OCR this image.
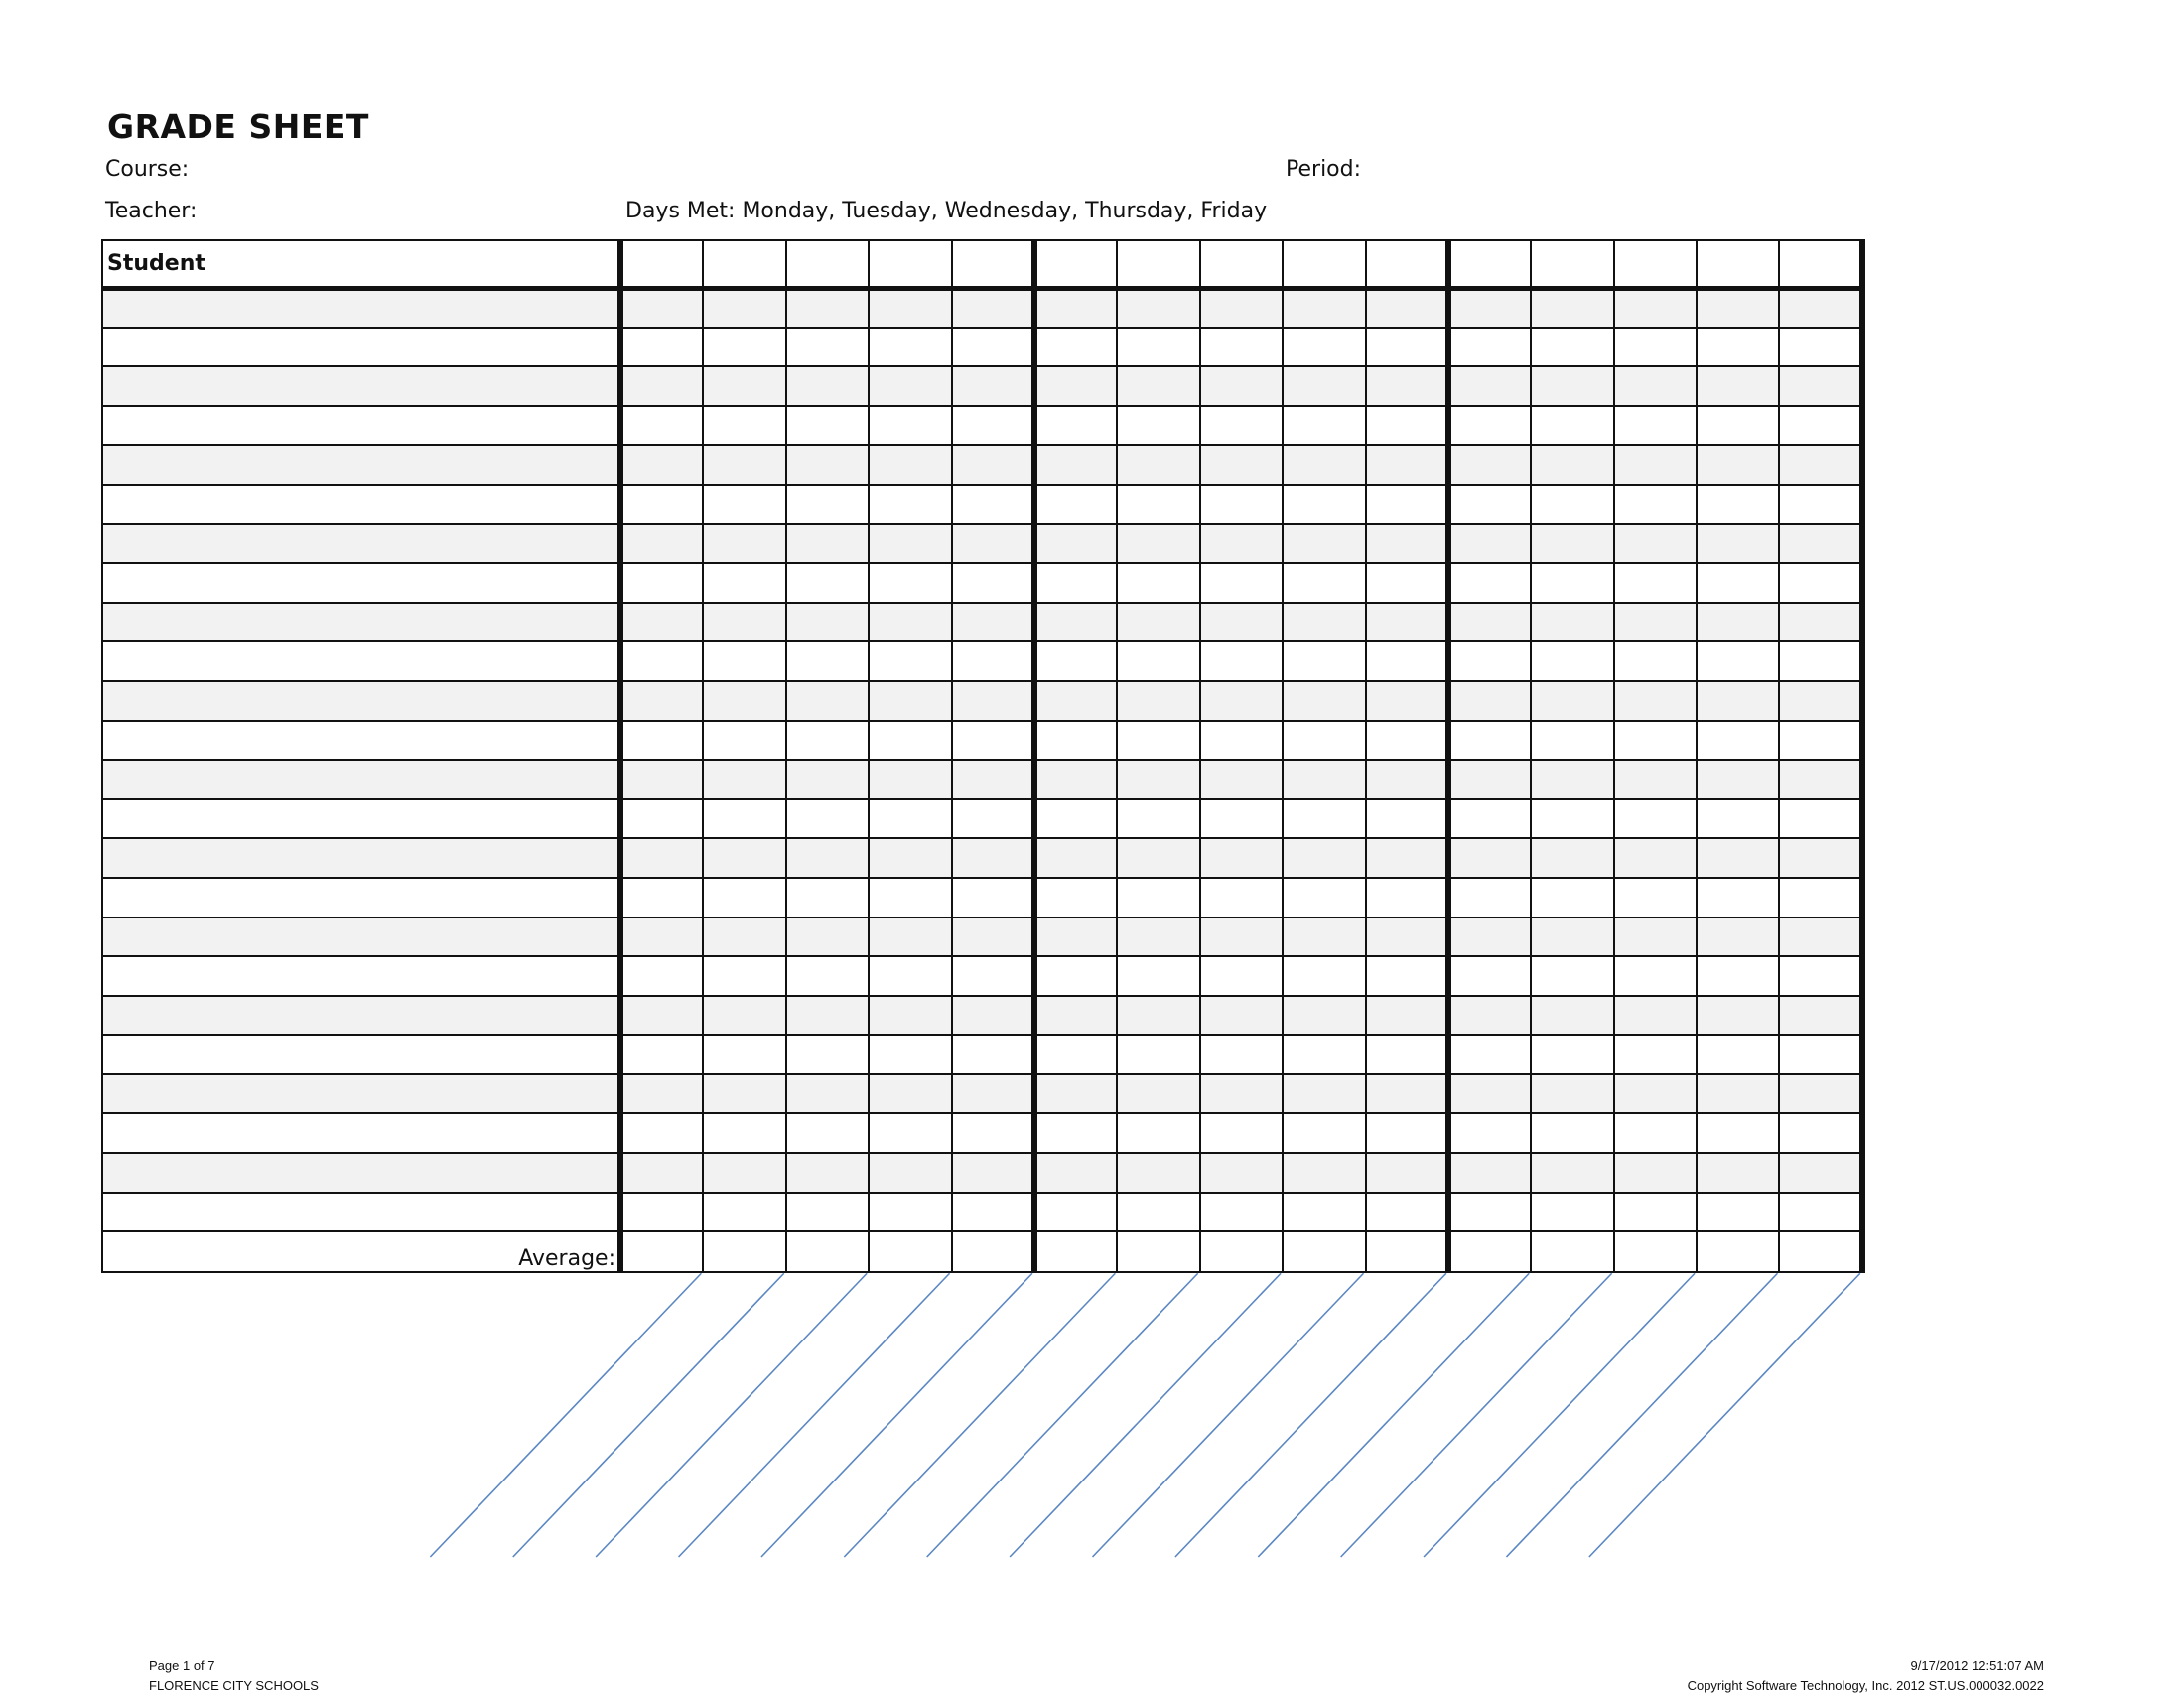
GRADE SHEET
Course:	Period:
Teacher:	Days Met: Monday, Tuesday, Wednesday, Thursday, Friday
Student															

Average:															
Page 1 of 7
FLORENCE CITY SCHOOLS
9/17/2012 12:51:07 AM
Copyright Software Technology, Inc. 2012 ST.US.000032.0022
